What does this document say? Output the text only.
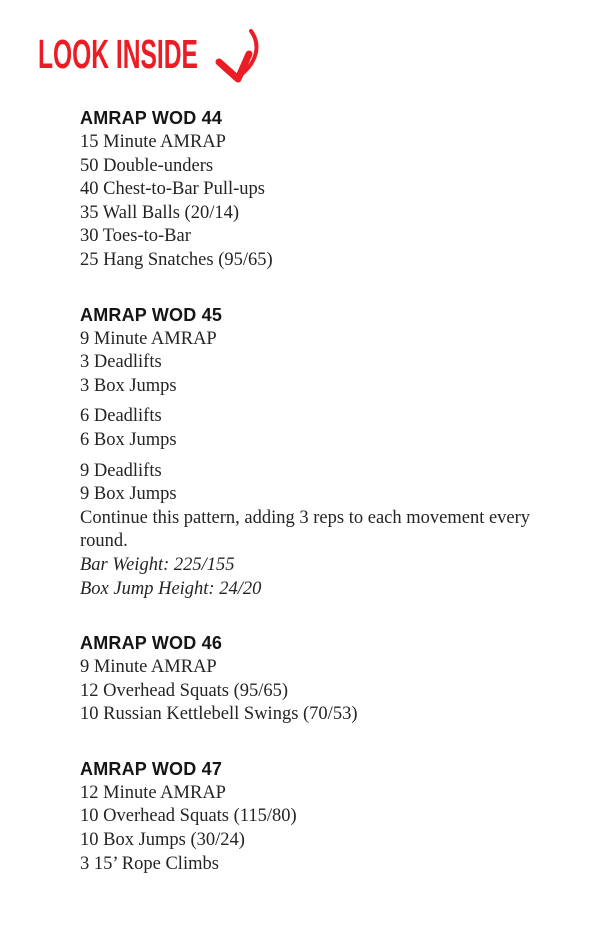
LOOK INSIDE
AMRAP WOD 44
15 Minute AMRAP
50 Double-unders
40 Chest-to-Bar Pull-ups
35 Wall Balls (20/14)
30 Toes-to-Bar
25 Hang Snatches (95/65)
AMRAP WOD 45
9 Minute AMRAP
3 Deadlifts
3 Box Jumps
6 Deadlifts
6 Box Jumps
9 Deadlifts
9 Box Jumps
Continue this pattern, adding 3 reps to each movement every round.
Bar Weight: 225/155
Box Jump Height: 24/20
AMRAP WOD 46
9 Minute AMRAP
12 Overhead Squats (95/65)
10 Russian Kettlebell Swings (70/53)
AMRAP WOD 47
12 Minute AMRAP
10 Overhead Squats (115/80)
10 Box Jumps (30/24)
3 15’ Rope Climbs
